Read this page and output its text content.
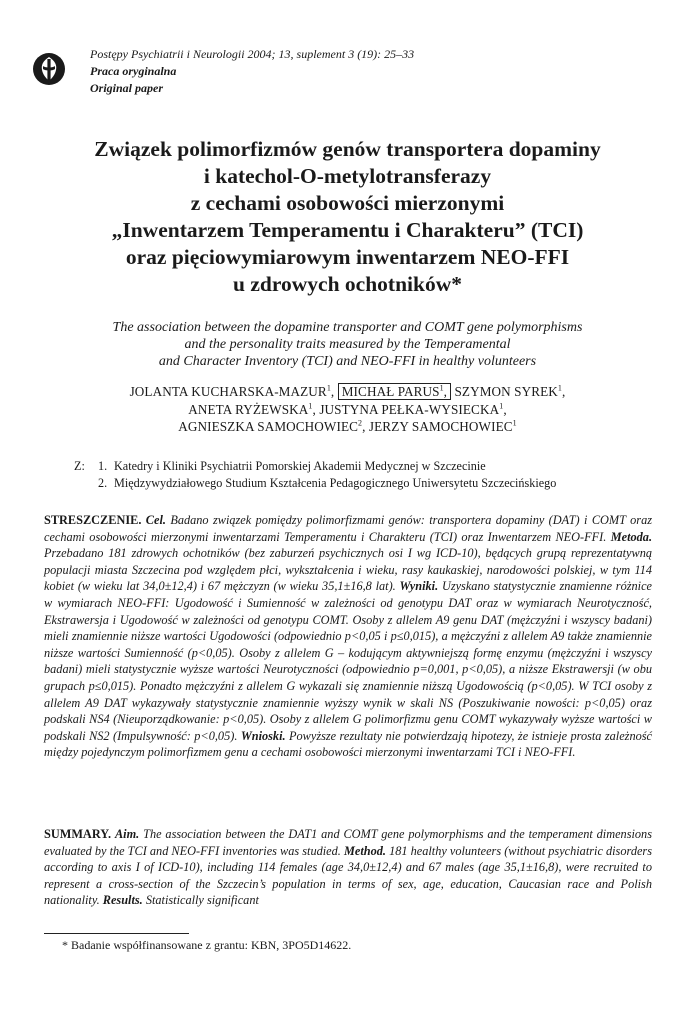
Postępy Psychiatrii i Neurologii 2004; 13, suplement 3 (19): 25–33
Praca oryginalna
Original paper
Związek polimorfizmów genów transportera dopaminy
i katechol-O-metylotransferazy
z cechami osobowości mierzonymi
„Inwentarzem Temperamentu i Charakteru” (TCI)
oraz pięciowymiarowym inwentarzem NEO-FFI
u zdrowych ochotników*
The association between the dopamine transporter and COMT gene polymorphisms
and the personality traits measured by the Temperamental
and Character Inventory (TCI) and NEO-FFI in healthy volunteers
JOLANTA KUCHARSKA-MAZUR$^1$, MICHAŁ PARUS$^1$, SZYMON SYREK$^1$,
ANETA RYŻEWSKA$^1$, JUSTYNA PEŁKA-WYSIECKA$^1$,
AGNIESZKA SAMOCHOWIEC$^2$, JERZY SAMOCHOWIEC$^1$
Z: 1. Katedry i Kliniki Psychiatrii Pomorskiej Akademii Medycznej w Szczecinie
2. Międzywydziałowego Studium Kształcenia Pedagogicznego Uniwersytetu Szczecińskiego
STRESZCZENIE. Cel. Badano związek pomiędzy polimorfizmami genów: transportera dopaminy (DAT) i COMT oraz cechami osobowości mierzonymi inwentarzami Temperamentu i Charakteru (TCI) oraz Inwentarzem NEO-FFI. Metoda. Przebadano 181 zdrowych ochotników (bez zaburzeń psychicznych osi I wg ICD-10), będących grupą reprezentatywną populacji miasta Szczecina pod względem płci, wykształcenia i wieku, rasy kaukaskiej, narodowości polskiej, w tym 114 kobiet (w wieku lat 34,0±12,4) i 67 mężczyzn (w wieku 35,1±16,8 lat). Wyniki. Uzyskano statystycznie znamienne różnice w wymiarach NEO-FFI: Ugodowość i Sumienność w zależności od genotypu DAT oraz w wymiarach Neurotyczność, Ekstrawersja i Ugodowość w zależności od genotypu COMT. Osoby z allelem A9 genu DAT (mężczyźni i wszyscy badani) mieli znamiennie niższe wartości Ugodowości (odpowiednio p<0,05 i p≤0,015), a mężczyźni z allelem A9 także znamiennie niższe wartości Sumienność (p<0,05). Osoby z allelem G – kodującym aktywniejszą formę enzymu (mężczyźni i wszyscy badani) mieli statystycznie wyższe wartości Neurotyczności (odpowiednio p=0,001, p<0,05), a niższe Ekstrawersji (w obu grupach p≤0,015). Ponadto mężczyźni z allelem G wykazali się znamiennie niższą Ugodowością (p<0,05). W TCI osoby z allelem A9 DAT wykazywały statystycznie znamiennie wyższy wynik w skali NS (Poszukiwanie nowości: p<0,05) oraz podskali NS4 (Nieuporządkowanie: p<0,05). Osoby z allelem G polimorfizmu genu COMT wykazywały wyższe wartości w podskali NS2 (Impulsywność: p<0,05). Wnioski. Powyższe rezultaty nie potwierdzają hipotezy, że istnieje prosta zależność między pojedynczym polimorfizmem genu a cechami osobowości mierzonymi inwentarzami TCI i NEO-FFI.
SUMMARY. Aim. The association between the DAT1 and COMT gene polymorphisms and the temperament dimensions evaluated by the TCI and NEO-FFI inventories was studied. Method. 181 healthy volunteers (without psychiatric disorders according to axis I of ICD-10), including 114 females (age 34,0±12,4) and 67 males (age 35,1±16,8), were recruited to represent a cross-section of the Szczecin’s population in terms of sex, age, education, Caucasian race and Polish nationality. Results. Statistically significant
* Badanie współfinansowane z grantu: KBN, 3PO5D14622.
